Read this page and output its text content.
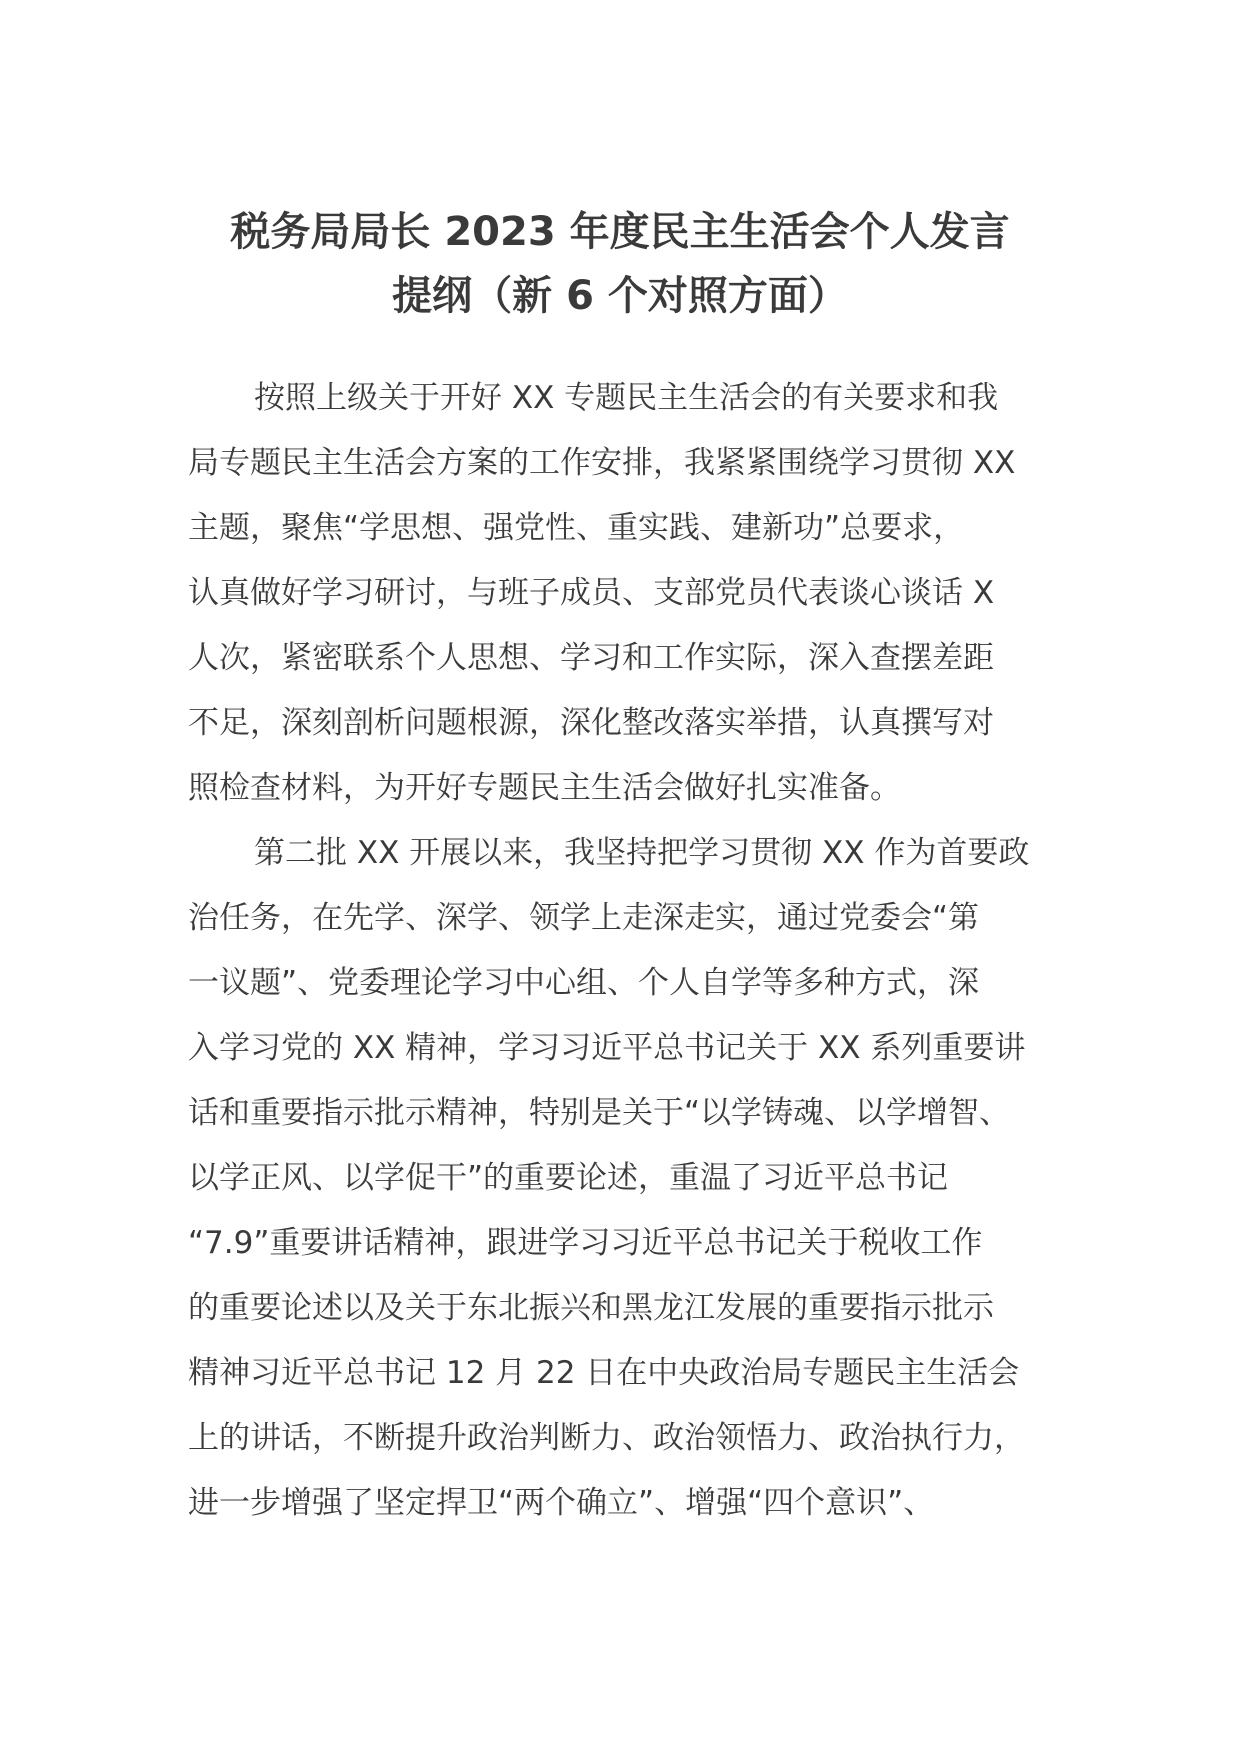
税务局局长 2023 年度民主生活会个人发言
提纲（新 6 个对照方面）

按照上级关于开好 XX 专题民主生活会的有关要求和我
局专题民主生活会方案的工作安排，我紧紧围绕学习贯彻 XX
主题，聚焦“学思想、强党性、重实践、建新功”总要求，
认真做好学习研讨，与班子成员、支部党员代表谈心谈话 X
人次，紧密联系个人思想、学习和工作实际，深入查摆差距
不足，深刻剖析问题根源，深化整改落实举措，认真撰写对
照检查材料，为开好专题民主生活会做好扎实准备。

第二批 XX 开展以来，我坚持把学习贯彻 XX 作为首要政
治任务，在先学、深学、领学上走深走实，通过党委会“第
一议题”、党委理论学习中心组、个人自学等多种方式，深
入学习党的 XX 精神，学习习近平总书记关于 XX 系列重要讲
话和重要指示批示精神，特别是关于“以学铸魂、以学增智、
以学正风、以学促干”的重要论述，重温了习近平总书记
“7.9”重要讲话精神，跟进学习习近平总书记关于税收工作
的重要论述以及关于东北振兴和黑龙江发展的重要指示批示
精神习近平总书记 12 月 22 日在中央政治局专题民主生活会
上的讲话，不断提升政治判断力、政治领悟力、政治执行力，
进一步增强了坚定捍卫“两个确立”、增强“四个意识”、
